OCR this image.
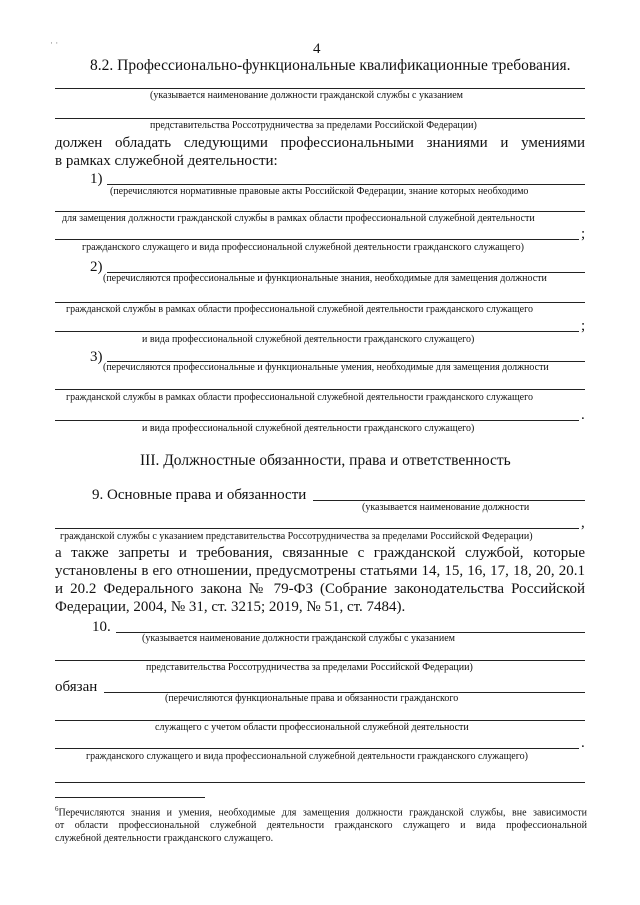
· ·	4
8.2. Профессионально-функциональные квалификационные требования.
(указывается наименование должности гражданской службы с указанием
представительства Россотрудничества за пределами Российской Федерации)
должен обладать следующими профессиональными знаниями и умениями
в рамках служебной деятельности:
1)
(перечисляются нормативные правовые акты Российской Федерации, знание которых необходимо
для замещения должности гражданской службы в рамках области профессиональной служебной деятельности
;
гражданского служащего и вида профессиональной служебной деятельности гражданского служащего)
2)
(перечисляются профессиональные и функциональные знания, необходимые для замещения должности
гражданской службы в рамках области профессиональной служебной деятельности гражданского служащего
;
и вида профессиональной служебной деятельности гражданского служащего)
3)
(перечисляются профессиональные и функциональные умения, необходимые для замещения должности
гражданской службы в рамках области профессиональной служебной деятельности гражданского служащего
.
и вида профессиональной служебной деятельности гражданского служащего)
III. Должностные обязанности, права и ответственность
9. Основные права и обязанности
(указывается наименование должности
,
гражданской службы с указанием представительства Россотрудничества за пределами Российской Федерации)
а также запреты и требования, связанные с гражданской службой, которые
установлены в его отношении, предусмотрены статьями 14, 15, 16, 17, 18, 20, 20.1
и 20.2 Федерального закона № 79-ФЗ (Собрание законодательства Российской
Федерации, 2004, № 31, ст. 3215; 2019, № 51, ст. 7484).
10.
(указывается наименование должности гражданской службы с указанием
представительства Россотрудничества за пределами Российской Федерации)
обязан
(перечисляются функциональные права и обязанности гражданского
служащего с учетом области профессиональной служебной деятельности
.
гражданского служащего и вида профессиональной служебной деятельности гражданского служащего)
$^6$Перечисляются знания и умения, необходимые для замещения должности гражданской службы, вне зависимости
от области профессиональной служебной деятельности гражданского служащего и вида профессиональной
служебной деятельности гражданского служащего.
